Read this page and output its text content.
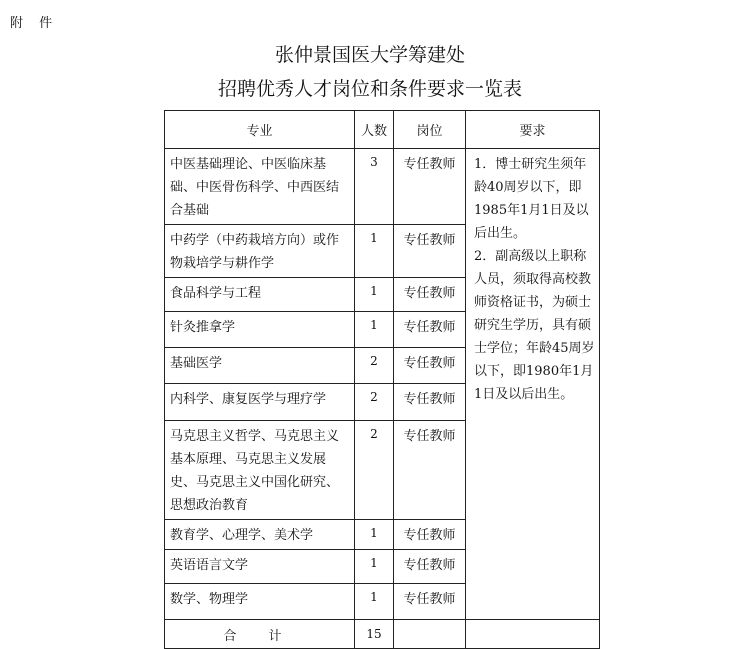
附 件
张仲景国医大学筹建处
招聘优秀人才岗位和条件要求一览表
专业	人数	岗位	要求
中医基础理论、中医临床基础、中医骨伤科学、中西医结合基础	3	专任教师	1．博士研究生须年龄40周岁以下，即1985年1月1日及以后出生。

2．副高级以上职称人员，须取得高校教师资格证书，为硕士研究生学历，具有硕士学位；年龄45周岁以下，即1980年1月1日及以后出生。

中药学（中药栽培方向）或作物栽培学与耕作学	1	专任教师	
食品科学与工程	1	专任教师	
针灸推拿学	1	专任教师	
基础医学	2	专任教师	
内科学、康复医学与理疗学	2	专任教师	
马克思主义哲学、马克思主义基本原理、马克思主义发展史、马克思主义中国化研究、思想政治教育	2	专任教师	
教育学、心理学、美术学	1	专任教师	
英语语言文学	1	专任教师	
数学、物理学	1	专任教师	
合 计	15		
